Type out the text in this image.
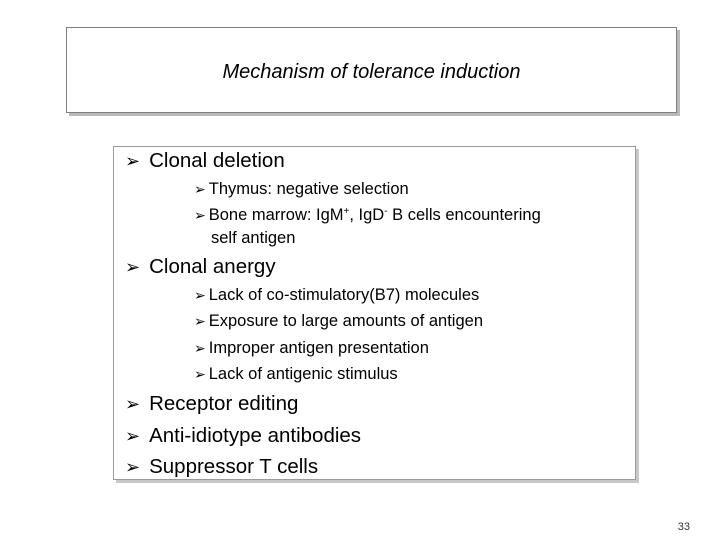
Mechanism of tolerance induction
➢ Clonal deletion
➢ Thymus: negative selection
➢ Bone marrow: IgM+, IgD- B cells encountering
self antigen
➢ Clonal anergy
➢ Lack of co-stimulatory(B7) molecules
➢ Exposure to large amounts of antigen
➢ Improper antigen presentation
➢ Lack of antigenic stimulus
➢ Receptor editing
➢ Anti-idiotype antibodies
➢ Suppressor T cells
33
